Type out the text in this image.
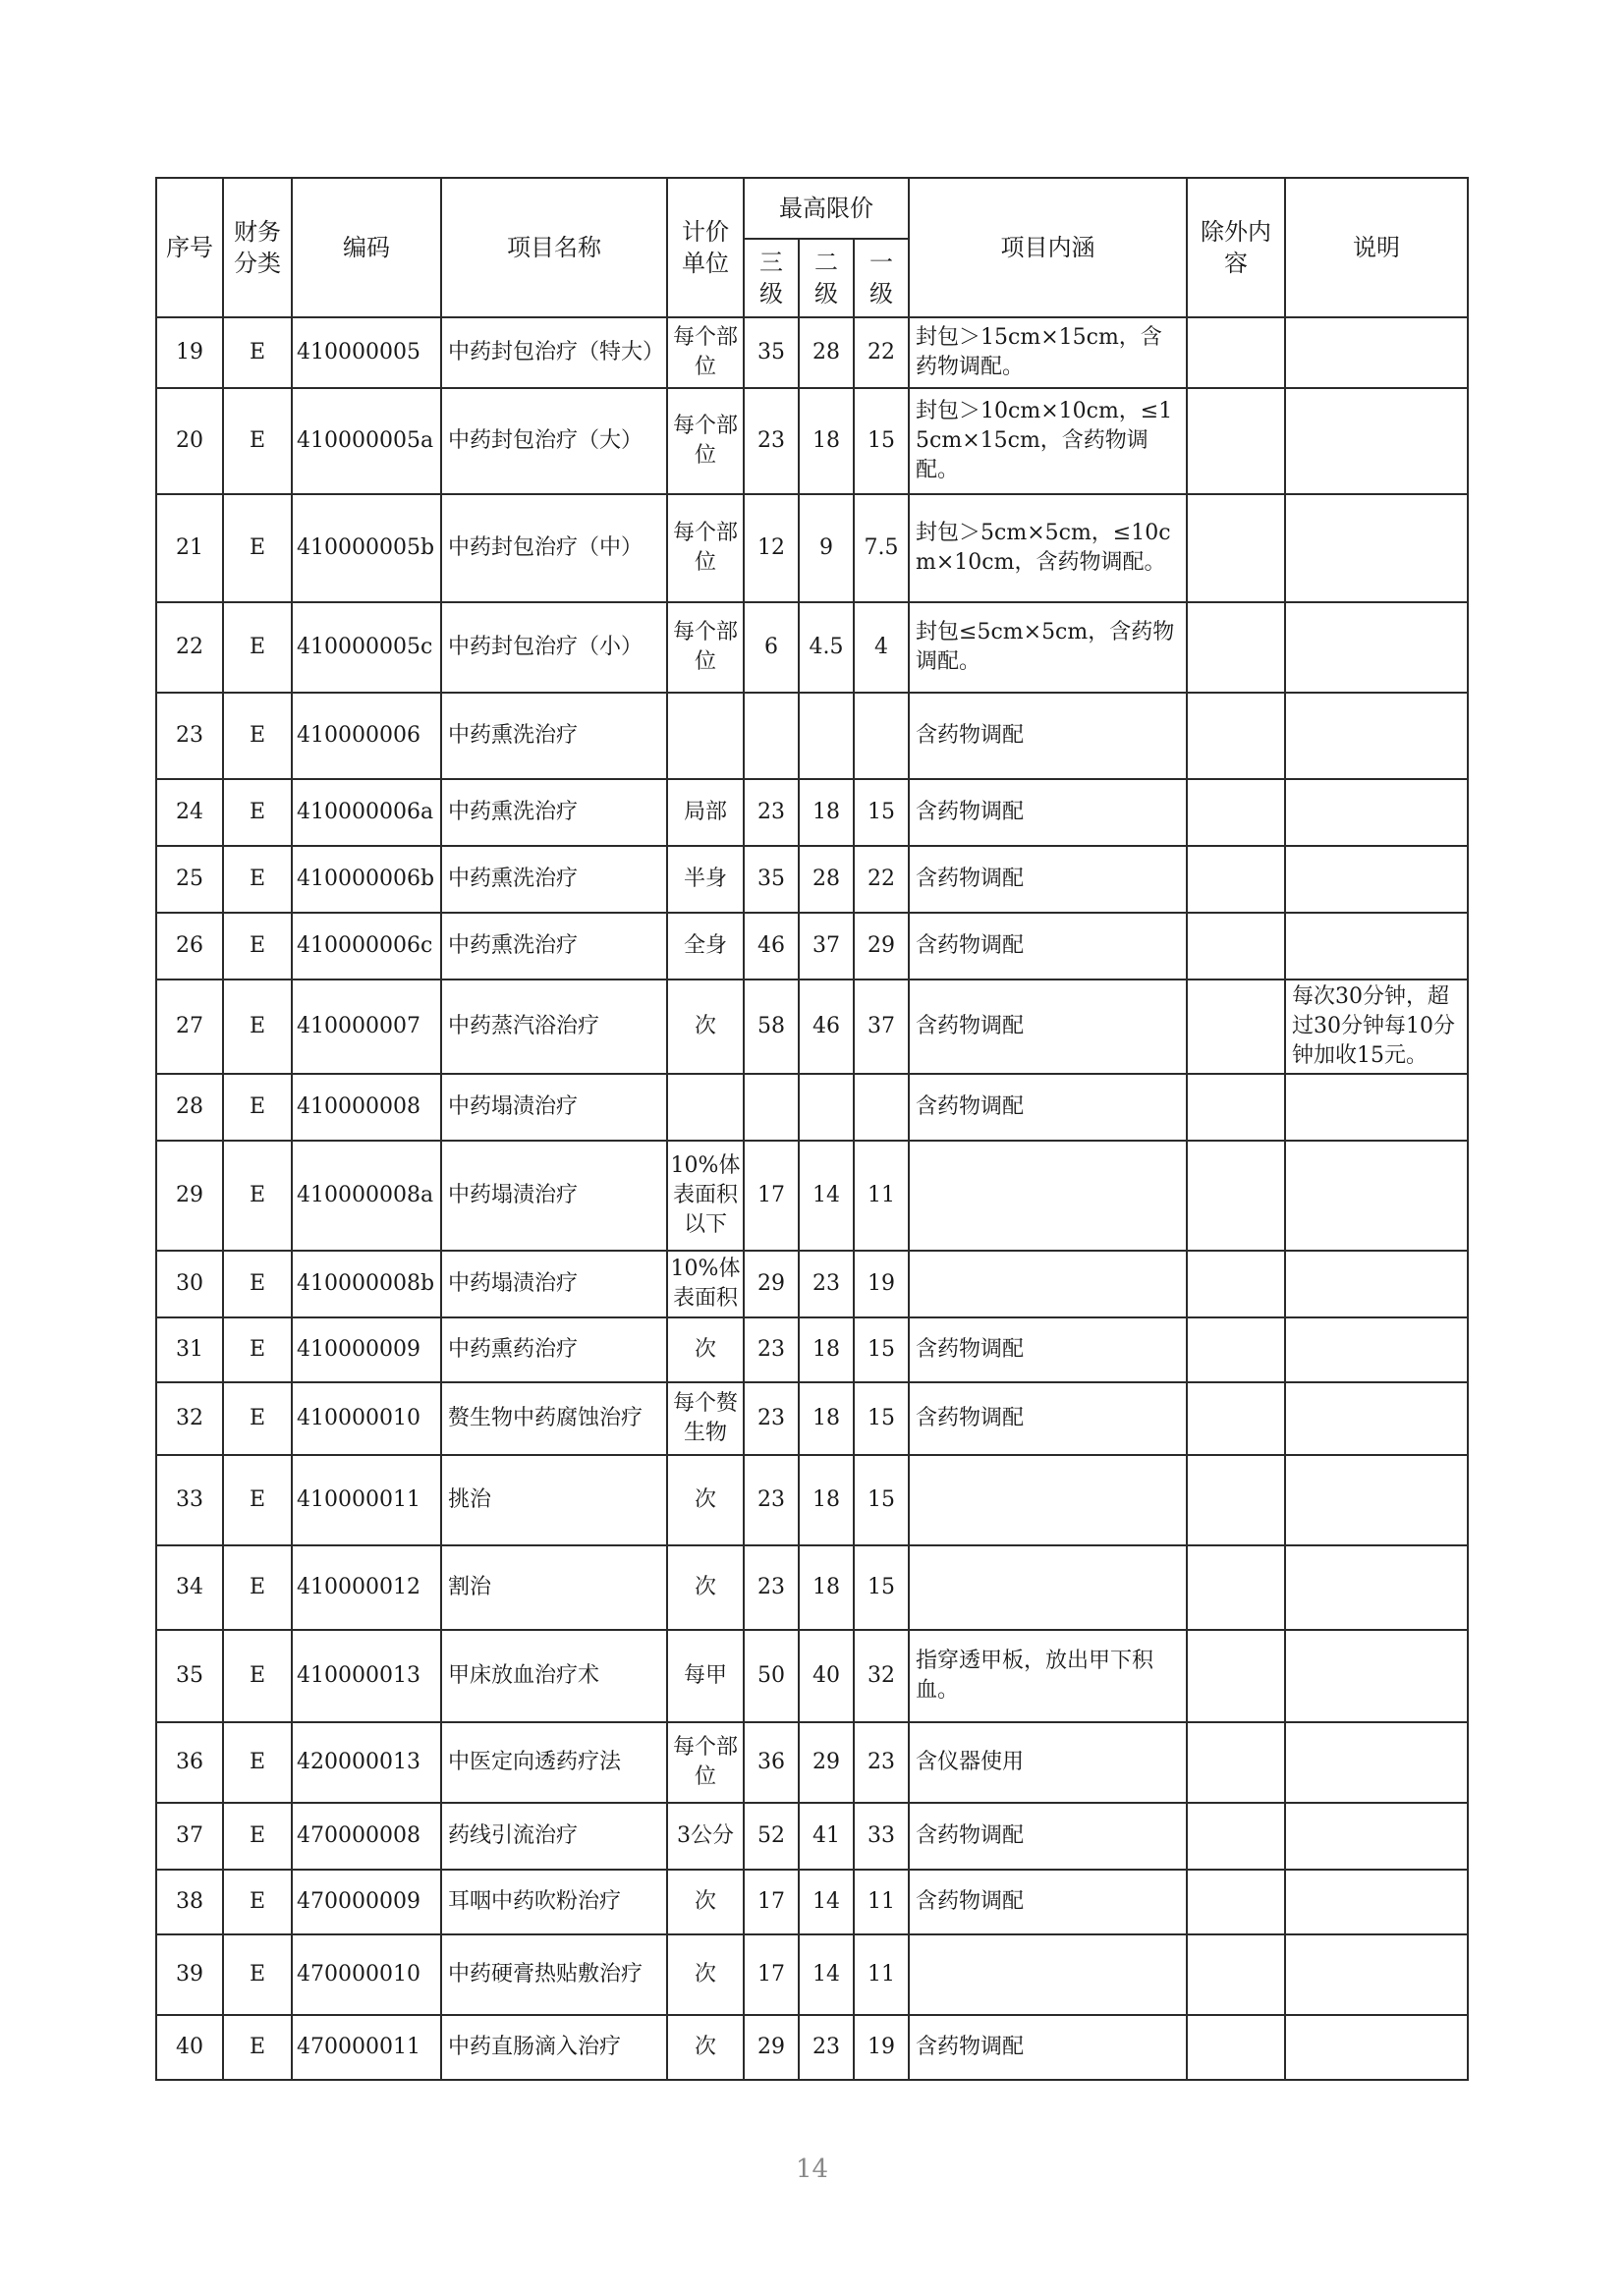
序号	财务分类	编码	项目名称	计价单位	最高限价			项目内涵	除外内容	说明
					三级	二级	一级			
19	E	410000005	中药封包治疗（特大）	每个部位	35	28	22	封包＞15cm×15cm，含药物调配。		
20	E	410000005a	中药封包治疗（大）	每个部位	23	18	15	封包＞10cm×10cm，≤15cm×15cm，含药物调配。		
21	E	410000005b	中药封包治疗（中）	每个部位	12	9	7.5	封包＞5cm×5cm，≤10cm×10cm，含药物调配。		
22	E	410000005c	中药封包治疗（小）	每个部位	6	4.5	4	封包≤5cm×5cm，含药物调配。		
23	E	410000006	中药熏洗治疗					含药物调配		
24	E	410000006a	中药熏洗治疗	局部	23	18	15	含药物调配		
25	E	410000006b	中药熏洗治疗	半身	35	28	22	含药物调配		
26	E	410000006c	中药熏洗治疗	全身	46	37	29	含药物调配		
27	E	410000007	中药蒸汽浴治疗	次	58	46	37	含药物调配		每次30分钟，超过30分钟每10分钟加收15元。
28	E	410000008	中药塌渍治疗					含药物调配		
29	E	410000008a	中药塌渍治疗	10%体表面积以下	17	14	11			
30	E	410000008b	中药塌渍治疗	10%体表面积	29	23	19			
31	E	410000009	中药熏药治疗	次	23	18	15	含药物调配		
32	E	410000010	赘生物中药腐蚀治疗	每个赘生物	23	18	15	含药物调配		
33	E	410000011	挑治	次	23	18	15			
34	E	410000012	割治	次	23	18	15			
35	E	410000013	甲床放血治疗术	每甲	50	40	32	指穿透甲板，放出甲下积血。		
36	E	420000013	中医定向透药疗法	每个部位	36	29	23	含仪器使用		
37	E	470000008	药线引流治疗	3公分	52	41	33	含药物调配		
38	E	470000009	耳咽中药吹粉治疗	次	17	14	11	含药物调配		
39	E	470000010	中药硬膏热贴敷治疗	次	17	14	11			
40	E	470000011	中药直肠滴入治疗	次	29	23	19	含药物调配		
14
